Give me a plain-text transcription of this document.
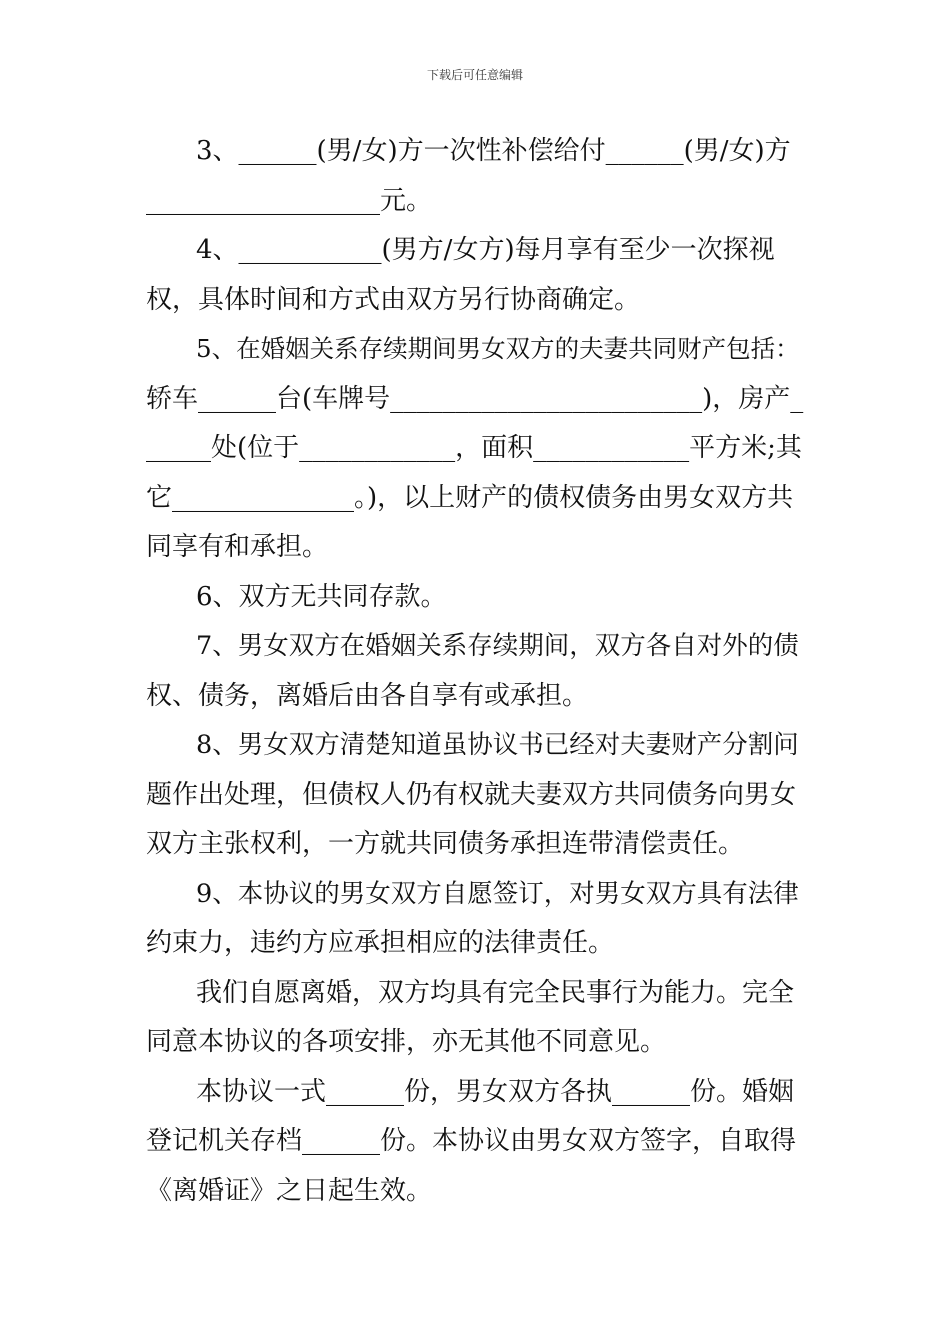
下载后可任意编辑
3、______(男/女)方一次性补偿给付______(男/女)方
__________________元。
4、___________(男方/女方)每月享有至少一次探视
权，具体时间和方式由双方另行协商确定。
5、在婚姻关系存续期间男女双方的夫妻共同财产包括：
轿车______台(车牌号________________________)，房产_
_____处(位于____________，面积____________平方米;其
它______________。)，以上财产的债权债务由男女双方共
同享有和承担。
6、双方无共同存款。
7、男女双方在婚姻关系存续期间，双方各自对外的债
权、债务，离婚后由各自享有或承担。
8、男女双方清楚知道虽协议书已经对夫妻财产分割问
题作出处理，但债权人仍有权就夫妻双方共同债务向男女
双方主张权利，一方就共同债务承担连带清偿责任。
9、本协议的男女双方自愿签订，对男女双方具有法律
约束力，违约方应承担相应的法律责任。
我们自愿离婚，双方均具有完全民事行为能力。完全
同意本协议的各项安排，亦无其他不同意见。
本协议一式______份，男女双方各执______份。婚姻
登记机关存档______份。本协议由男女双方签字，自取得
《离婚证》之日起生效。
